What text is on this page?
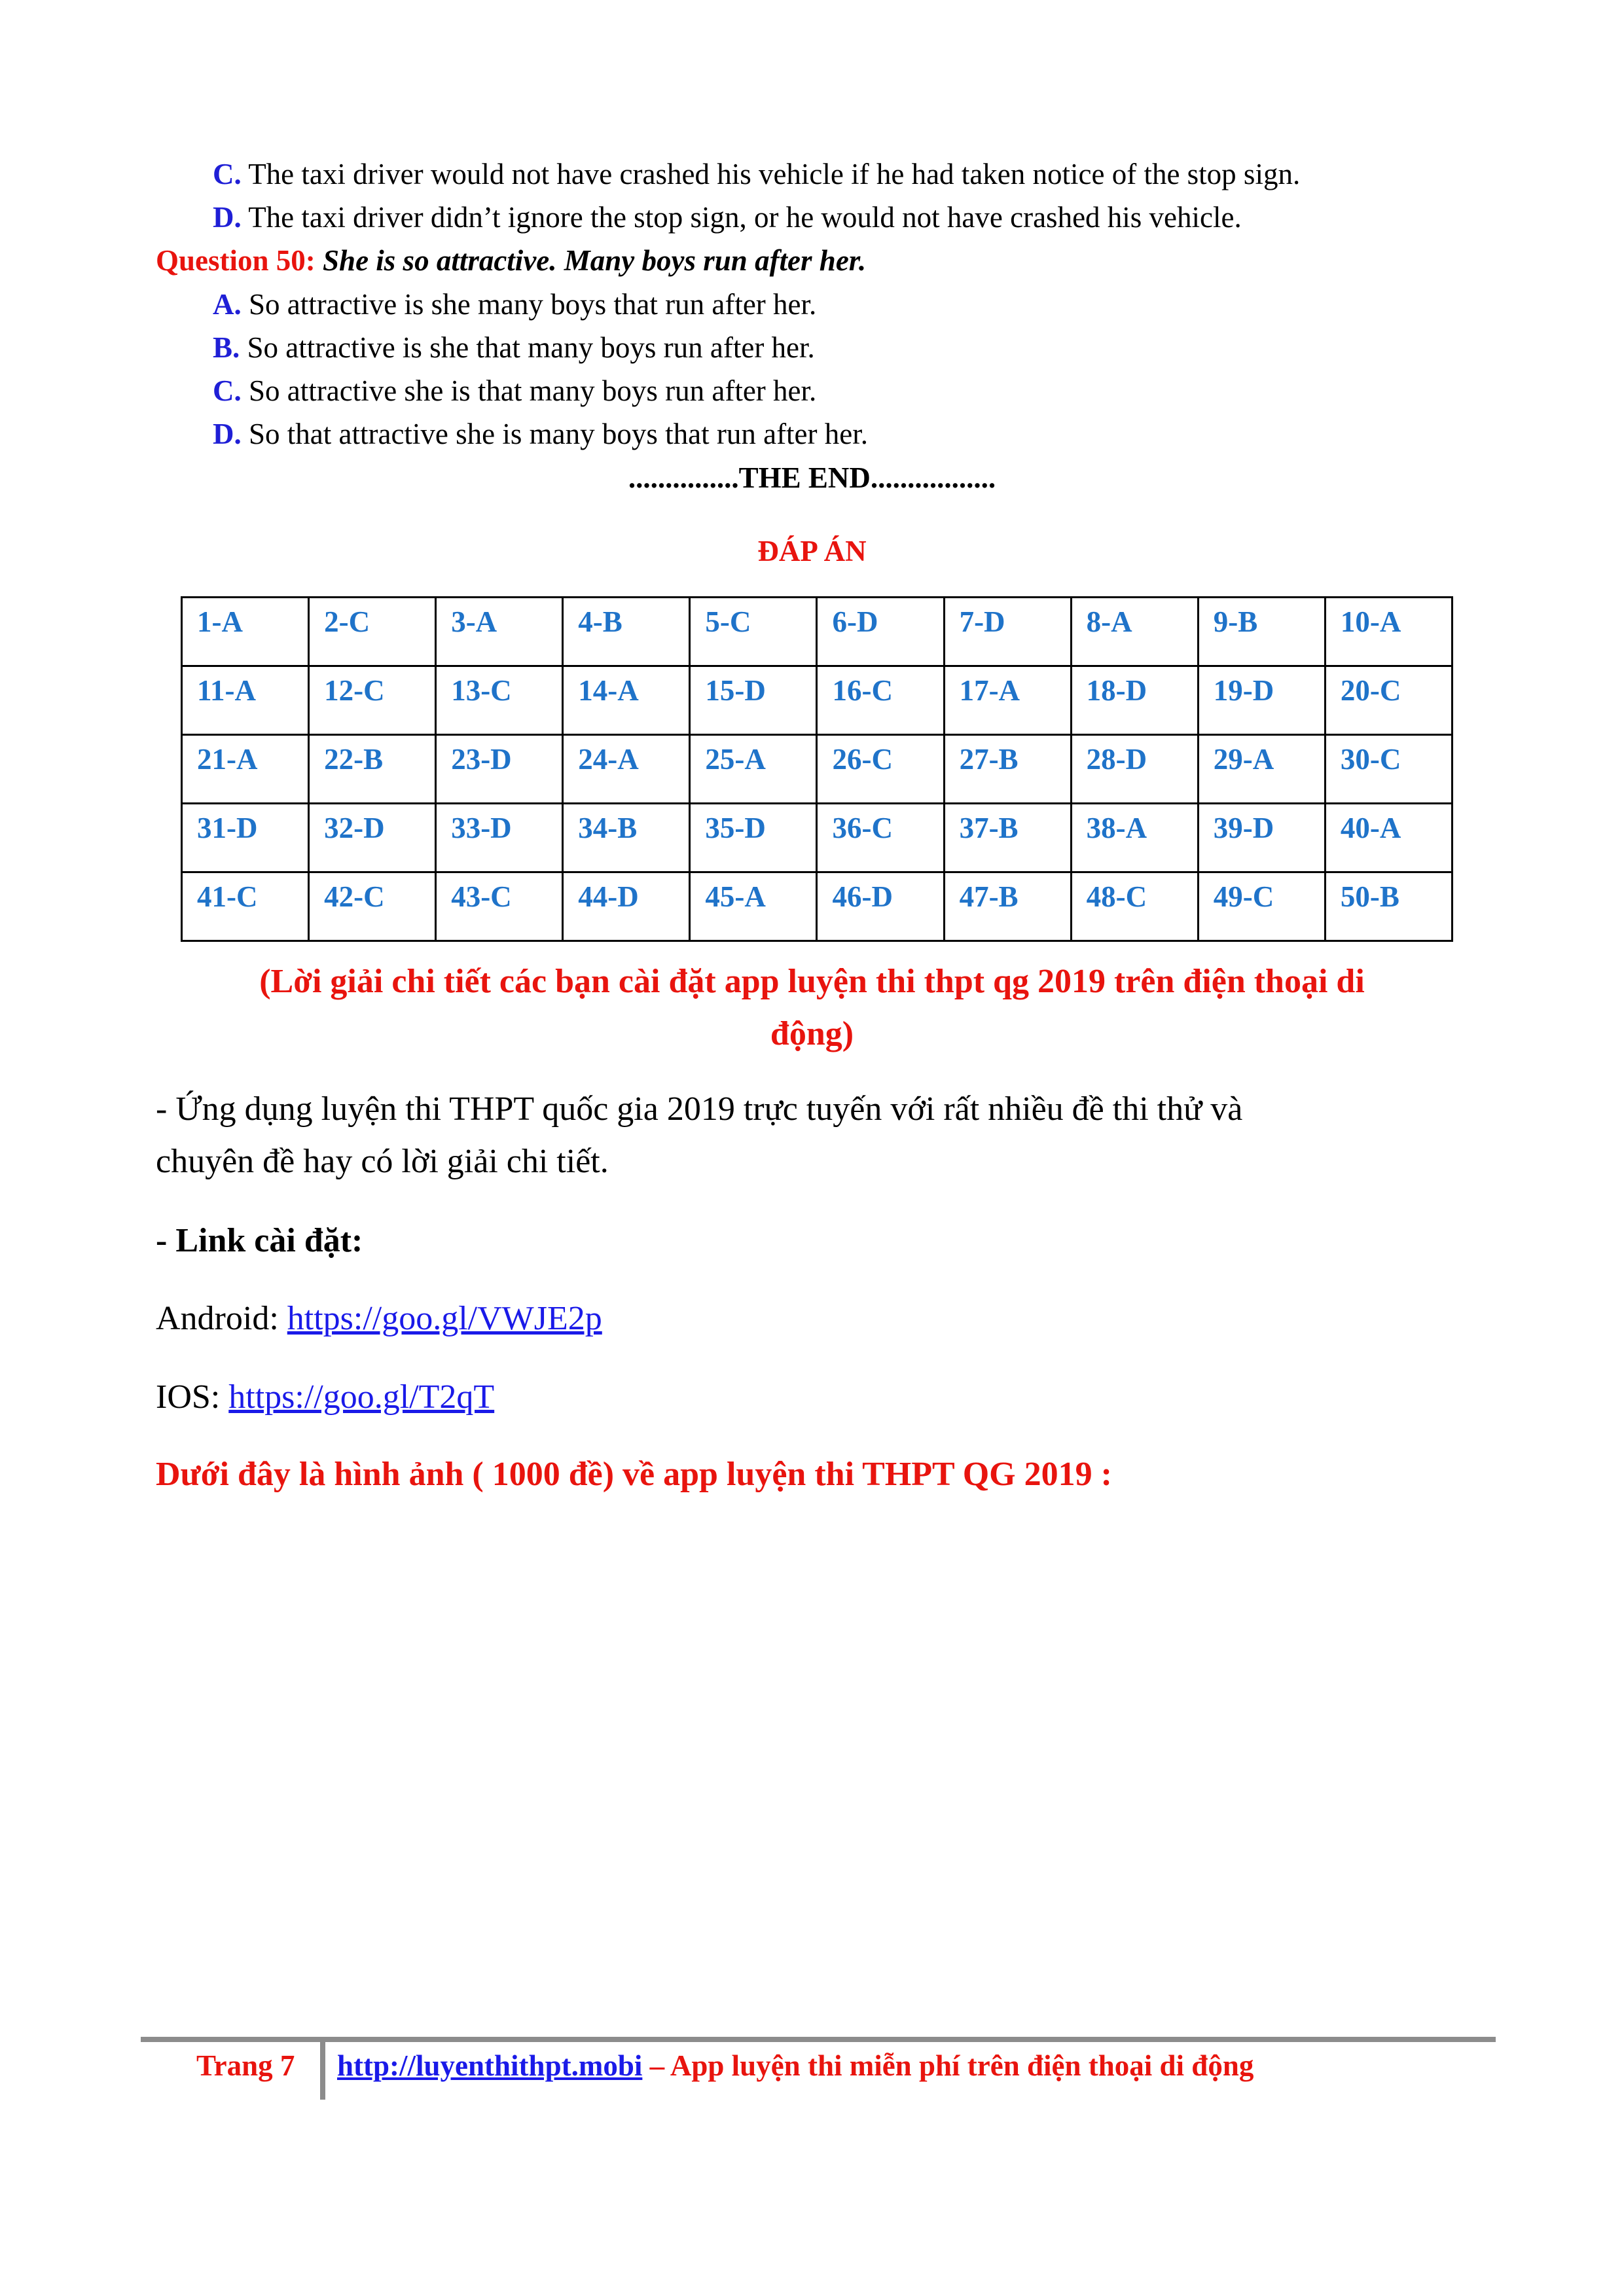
C. The taxi driver would not have crashed his vehicle if he had taken notice of the stop sign.
D. The taxi driver didn’t ignore the stop sign, or he would not have crashed his vehicle.
Question 50: She is so attractive. Many boys run after her.
A. So attractive is she many boys that run after her.
B. So attractive is she that many boys run after her.
C. So attractive she is that many boys run after her.
D. So that attractive she is many boys that run after her.
...............THE END.................
ĐÁP ÁN
1-A	2-C	3-A	4-B	5-C	6-D	7-D	8-A	9-B	10-A
11-A	12-C	13-C	14-A	15-D	16-C	17-A	18-D	19-D	20-C
21-A	22-B	23-D	24-A	25-A	26-C	27-B	28-D	29-A	30-C
31-D	32-D	33-D	34-B	35-D	36-C	37-B	38-A	39-D	40-A
41-C	42-C	43-C	44-D	45-A	46-D	47-B	48-C	49-C	50-B
(Lời giải chi tiết các bạn cài đặt app luyện thi thpt qg 2019 trên điện thoại di
động)
- Ứng dụng luyện thi THPT quốc gia 2019 trực tuyến với rất nhiều đề thi thử và
chuyên đề hay có lời giải chi tiết.
- Link cài đặt:
Android: https://goo.gl/VWJE2p
IOS: https://goo.gl/T2qT
Dưới đây là hình ảnh ( 1000 đề) về app luyện thi THPT QG 2019 :
Trang 7 http://luyenthithpt.mobi – App luyện thi miễn phí trên điện thoại di động
